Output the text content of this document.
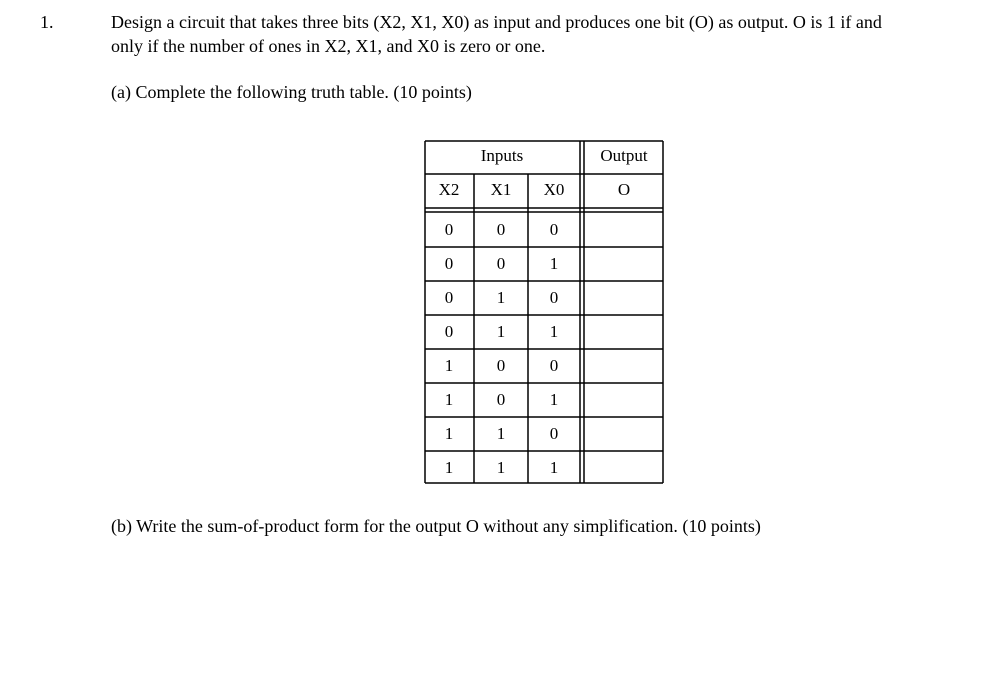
1.	Design a circuit that takes three bits (X2, X1, X0) as input and produces one bit (O) as output. O is 1 if and
only if the number of ones in X2, X1, and X0 is zero or one.
(a) Complete the following truth table. (10 points)
Inputs	Output
X2	X1	X0	O
0	0	0
0	0	1
0	1	0
0	1	1
1	0	0
1	0	1
1	1	0
1	1	1
(b) Write the sum-of-product form for the output O without any simplification. (10 points)
